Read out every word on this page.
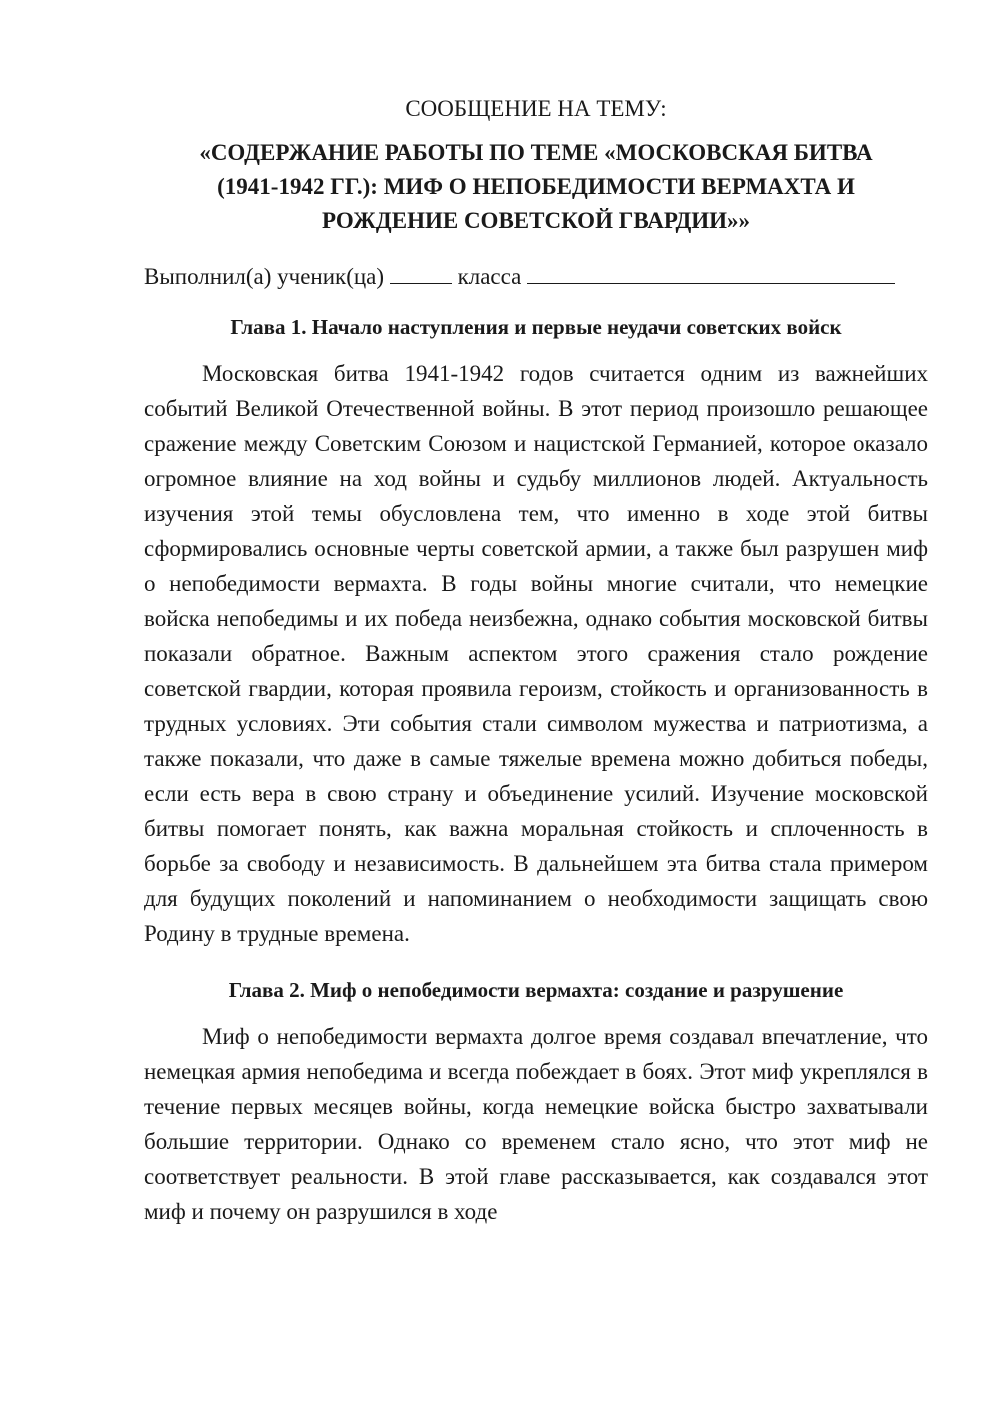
СООБЩЕНИЕ НА ТЕМУ:

«СОДЕРЖАНИЕ РАБОТЫ ПО ТЕМЕ «МОСКОВСКАЯ БИТВА
(1941-1942 ГГ.): МИФ О НЕПОБЕДИМОСТИ ВЕРМАХТА И
РОЖДЕНИЕ СОВЕТСКОЙ ГВАРДИИ»»

Выполнил(а) ученик(ца)	класса

Глава 1. Начало наступления и первые неудачи советских войск

Московская битва 1941-1942 годов считается одним из важнейших событий Великой Отечественной войны. В этот период произошло решающее сражение между Советским Союзом и нацистской Германией, которое оказало огромное влияние на ход войны и судьбу миллионов людей. Актуальность изучения этой темы обусловлена тем, что именно в ходе этой битвы сформировались основные черты советской армии, а также был разрушен миф о непобедимости вермахта. В годы войны многие считали, что немецкие войска непобедимы и их победа неизбежна, однако события московской битвы показали обратное. Важным аспектом этого сражения стало рождение советской гвардии, которая проявила героизм, стойкость и организованность в трудных условиях. Эти события стали символом мужества и патриотизма, а также показали, что даже в самые тяжелые времена можно добиться победы, если есть вера в свою страну и объединение усилий. Изучение московской битвы помогает понять, как важна моральная стойкость и сплоченность в борьбе за свободу и независимость. В дальнейшем эта битва стала примером для будущих поколений и напоминанием о необходимости защищать свою Родину в трудные времена.

Глава 2. Миф о непобедимости вермахта: создание и разрушение

Миф о непобедимости вермахта долгое время создавал впечатление, что немецкая армия непобедима и всегда побеждает в боях. Этот миф укреплялся в течение первых месяцев войны, когда немецкие войска быстро захватывали большие территории. Однако со временем стало ясно, что этот миф не соответствует реальности. В этой главе рассказывается, как создавался этот миф и почему он разрушился в ходе
